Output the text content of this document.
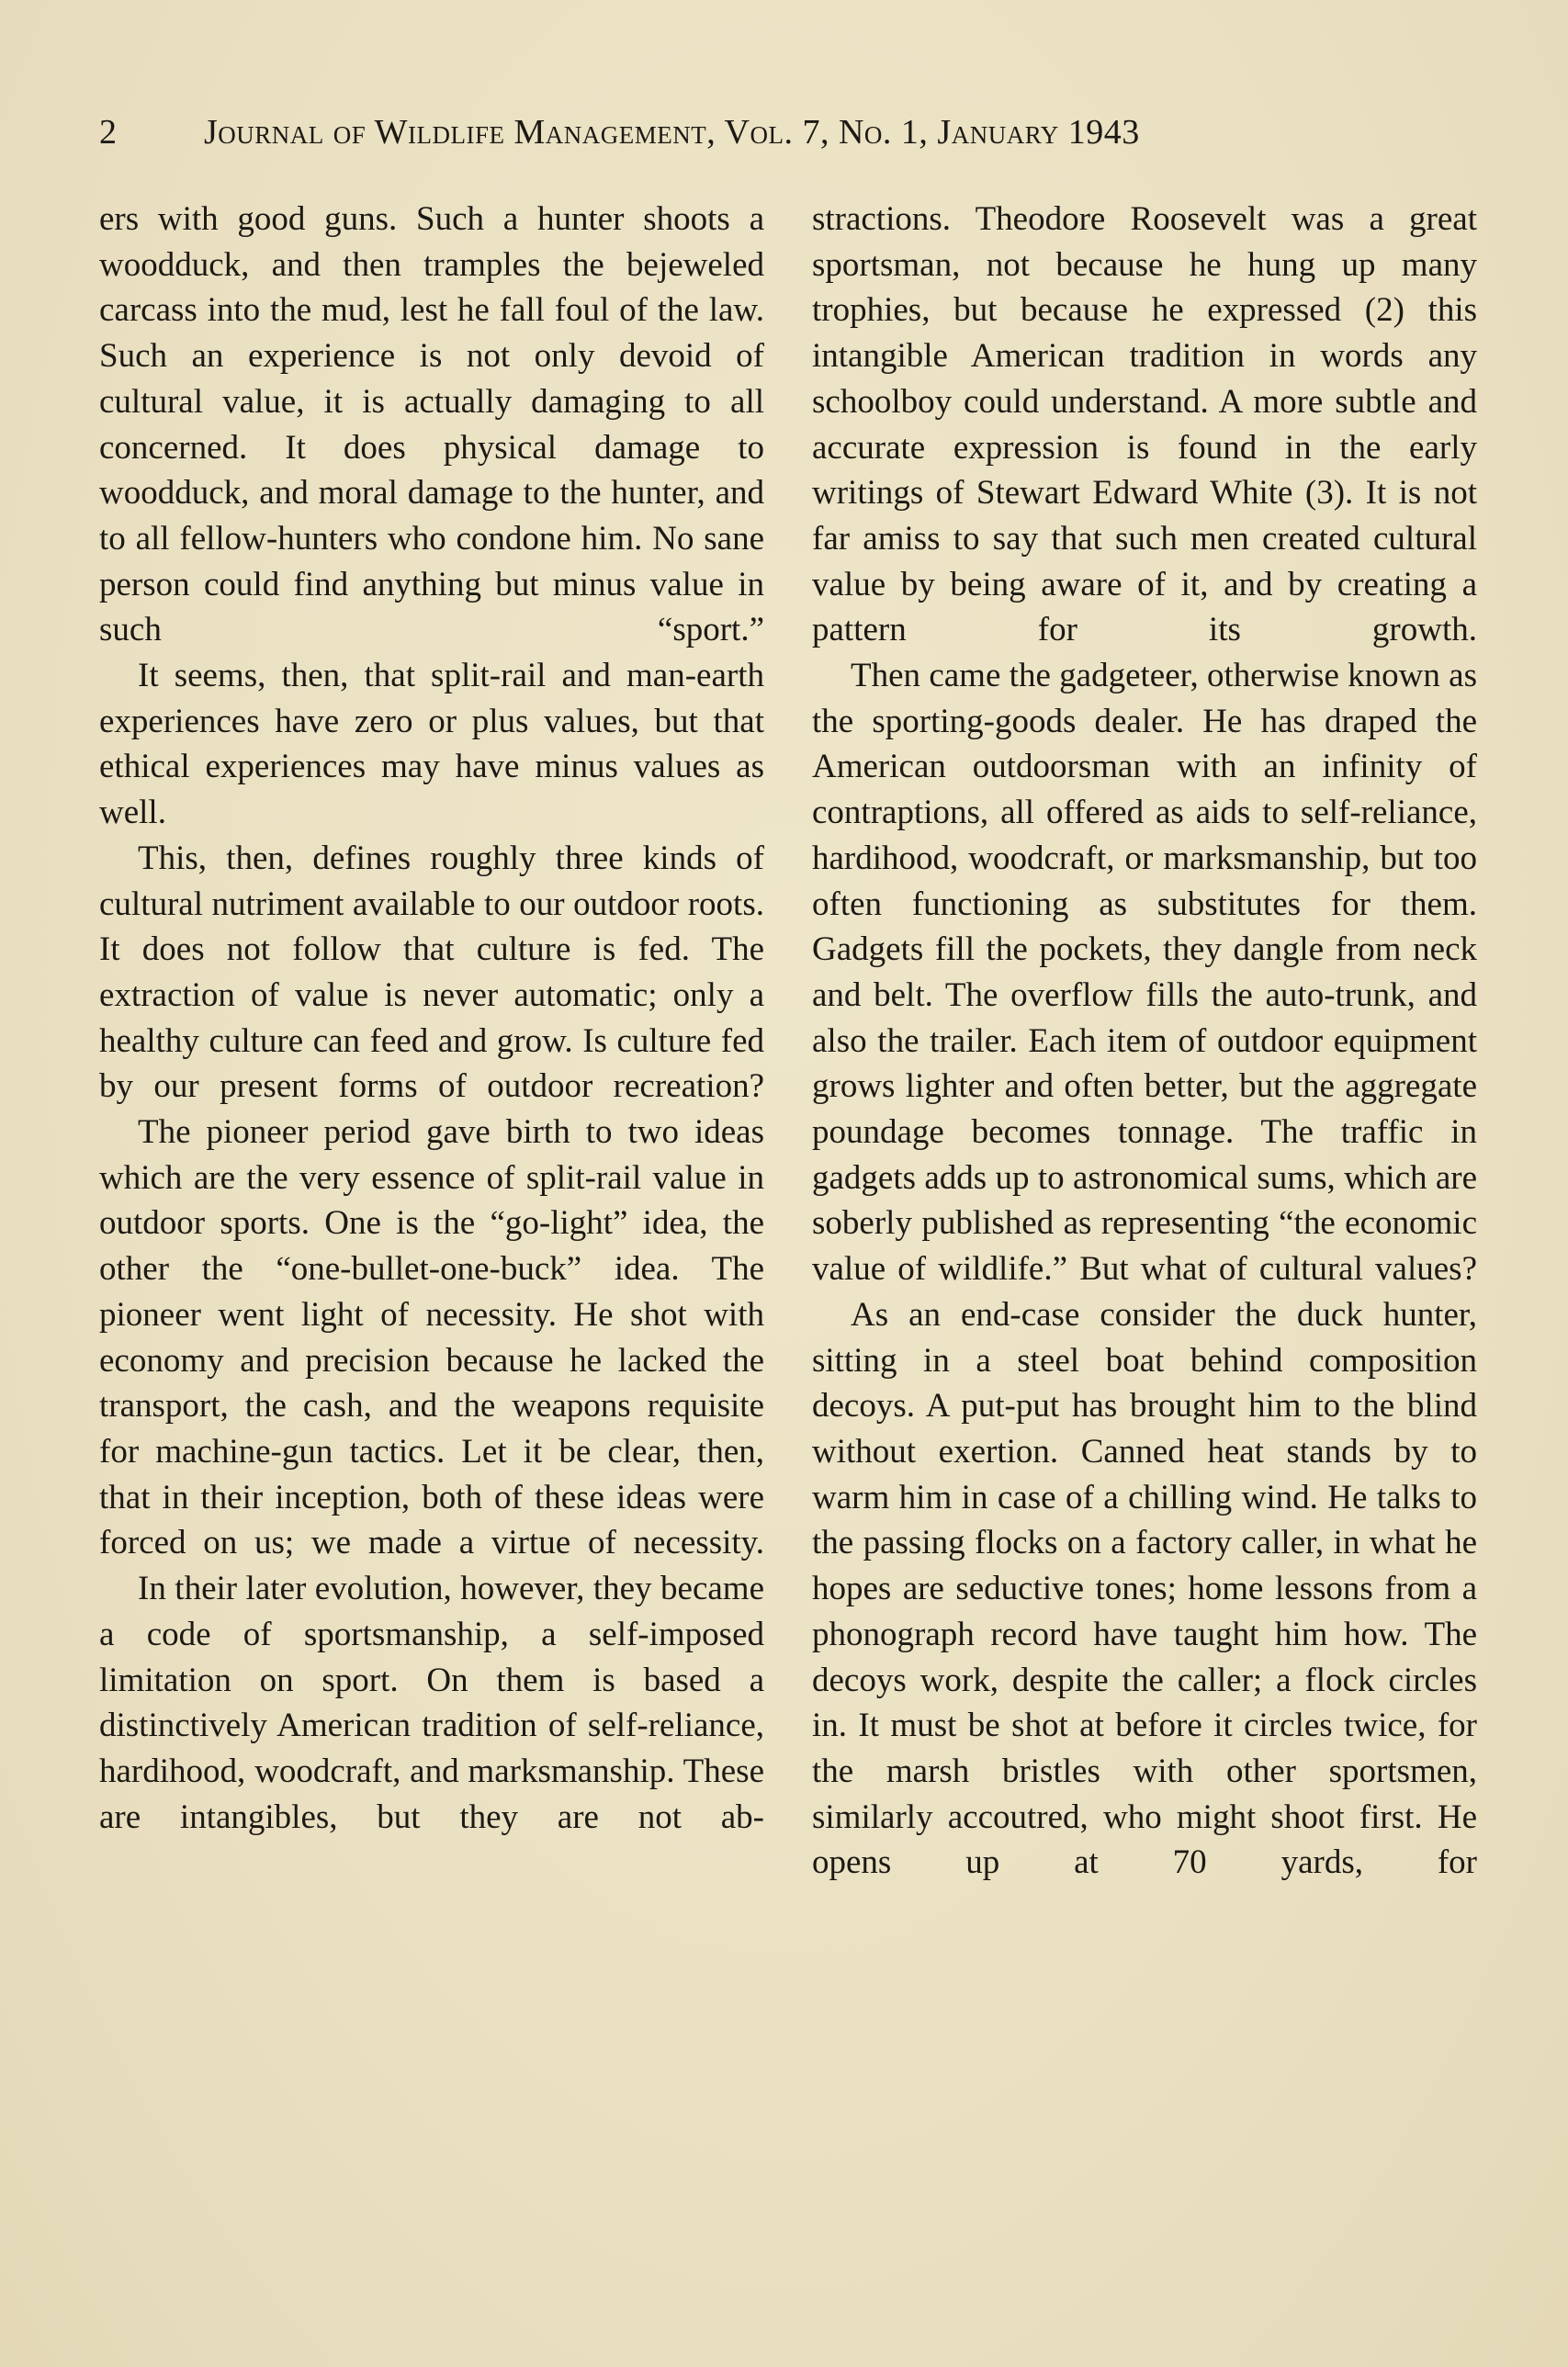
2 Journal of Wildlife Management, Vol. 7, No. 1, January 1943

ers with good guns. Such a hunter shoots a woodduck, and then tramples the bejeweled carcass into the mud, lest he fall foul of the law. Such an experience is not only devoid of cultural value, it is actually damaging to all concerned. It does physical damage to woodduck, and moral damage to the hunter, and to all fellow-hunters who condone him. No sane person could find anything but minus value in such “sport.”

It seems, then, that split-rail and man-earth experiences have zero or plus values, but that ethical experiences may have minus values as well.

This, then, defines roughly three kinds of cultural nutriment available to our outdoor roots. It does not follow that culture is fed. The extraction of value is never automatic; only a healthy culture can feed and grow. Is culture fed by our present forms of outdoor recreation?

The pioneer period gave birth to two ideas which are the very essence of split-rail value in outdoor sports. One is the “go-light” idea, the other the “one-bullet-one-buck” idea. The pioneer went light of necessity. He shot with economy and precision because he lacked the transport, the cash, and the weapons requisite for machine-gun tactics. Let it be clear, then, that in their inception, both of these ideas were forced on us; we made a virtue of necessity.

In their later evolution, however, they became a code of sportsmanship, a self-imposed limitation on sport. On them is based a distinctively American tradition of self-reliance, hardihood, woodcraft, and marksmanship. These are intangibles, but they are not ab-

stractions. Theodore Roosevelt was a great sportsman, not because he hung up many trophies, but because he expressed (2) this intangible American tradition in words any schoolboy could understand. A more subtle and accurate expression is found in the early writings of Stewart Edward White (3). It is not far amiss to say that such men created cultural value by being aware of it, and by creating a pattern for its growth.

Then came the gadgeteer, otherwise known as the sporting-goods dealer. He has draped the American outdoorsman with an infinity of contraptions, all offered as aids to self-reliance, hardihood, woodcraft, or marksmanship, but too often functioning as substitutes for them. Gadgets fill the pockets, they dangle from neck and belt. The overflow fills the auto-trunk, and also the trailer. Each item of outdoor equipment grows lighter and often better, but the aggregate poundage becomes tonnage. The traffic in gadgets adds up to astronomical sums, which are soberly published as representing “the economic value of wildlife.” But what of cultural values?

As an end-case consider the duck hunter, sitting in a steel boat behind composition decoys. A put-put has brought him to the blind without exertion. Canned heat stands by to warm him in case of a chilling wind. He talks to the passing flocks on a factory caller, in what he hopes are seductive tones; home lessons from a phonograph record have taught him how. The decoys work, despite the caller; a flock circles in. It must be shot at before it circles twice, for the marsh bristles with other sportsmen, similarly accoutred, who might shoot first. He opens up at 70 yards, for
